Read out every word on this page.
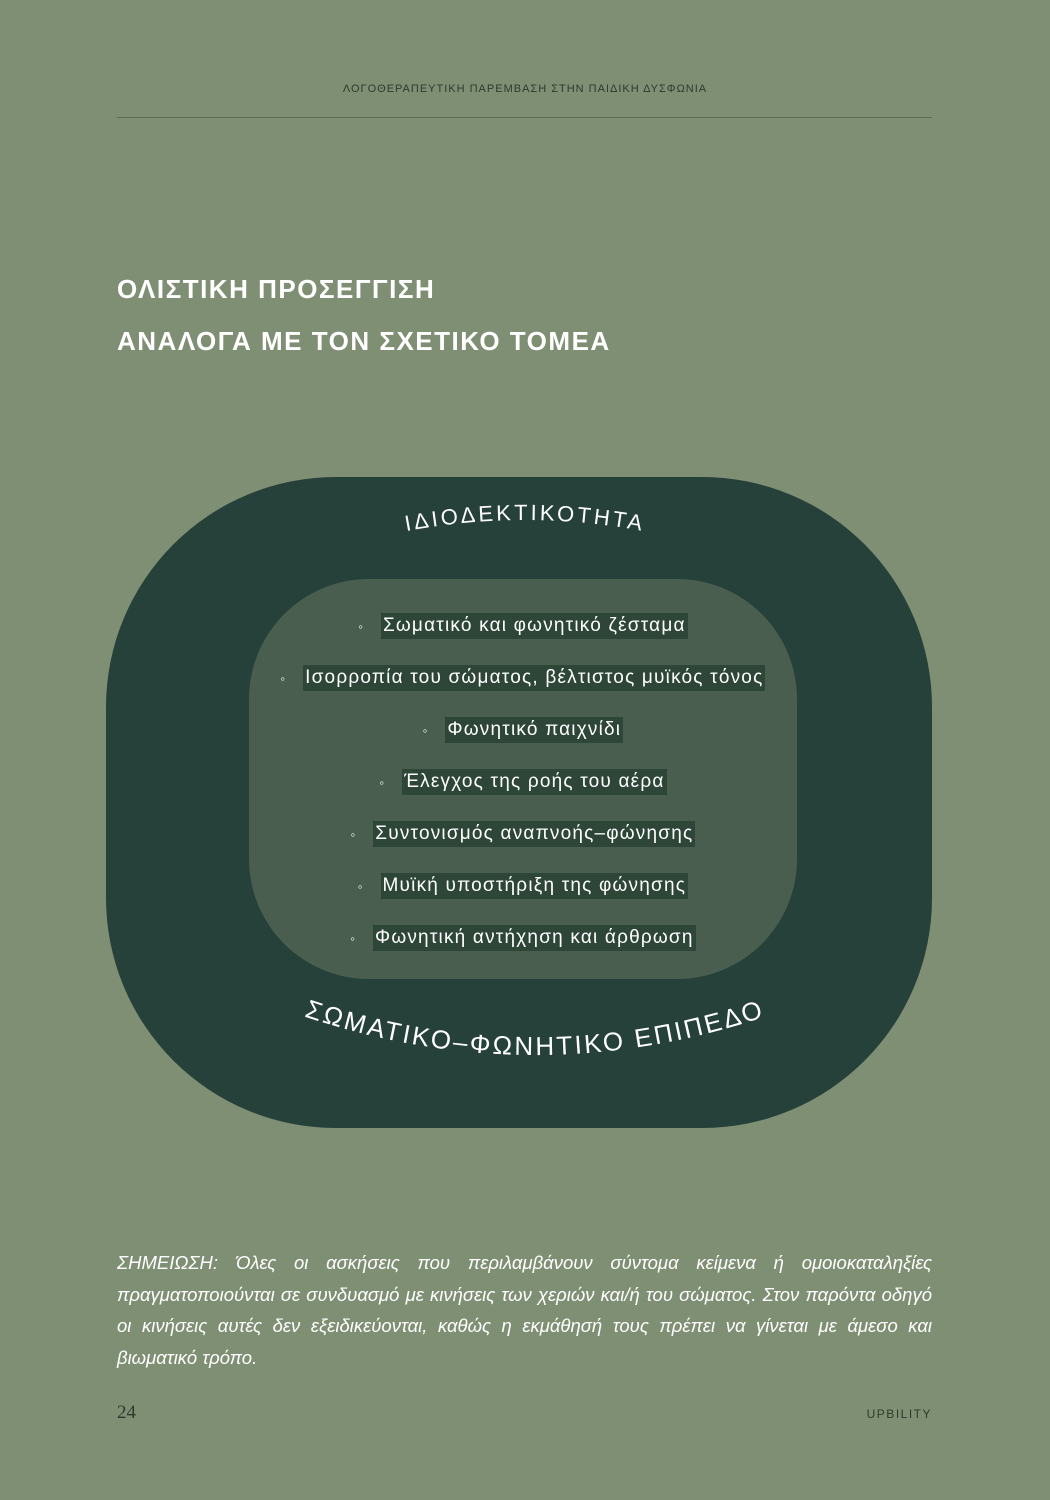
ΛΟΓΟΘΕΡΑΠΕΥΤΙΚΗ ΠΑΡΕΜΒΑΣΗ ΣΤΗΝ ΠΑΙΔΙΚΗ ΔΥΣΦΩΝΙΑ
ΟΛΙΣΤΙΚΗ ΠΡΟΣΕΓΓΙΣΗ
ΑΝΑΛΟΓΑ ΜΕ ΤΟΝ ΣΧΕΤΙΚΟ ΤΟΜΕΑ
ΙΔΙΟΔΕΚΤΙΚΟΤΗΤΑ
ΣΩΜΑΤΙΚΟ–ΦΩΝΗΤΙΚΟ ΕΠΙΠΕΔΟ
◦ Σωματικό και φωνητικό ζέσταμα
◦ Ισορροπία του σώματος, βέλτιστος μυϊκός τόνος
◦ Φωνητικό παιχνίδι
◦ Έλεγχος της ροής του αέρα
◦ Συντονισμός αναπνοής–φώνησης
◦ Μυϊκή υποστήριξη της φώνησης
◦ Φωνητική αντήχηση και άρθρωση
ΣΗΜΕΙΩΣΗ: Όλες οι ασκήσεις που περιλαμβάνουν σύντομα κείμενα ή ομοιοκαταληξίες πραγματοποιούνται σε συνδυασμό με κινήσεις των χεριών και/ή του σώματος. Στον παρόντα οδηγό οι κινήσεις αυτές δεν εξειδικεύονται, καθώς η εκμάθησή τους πρέπει να γίνεται με άμεσο και βιωματικό τρόπο.
24	UPBILITY
